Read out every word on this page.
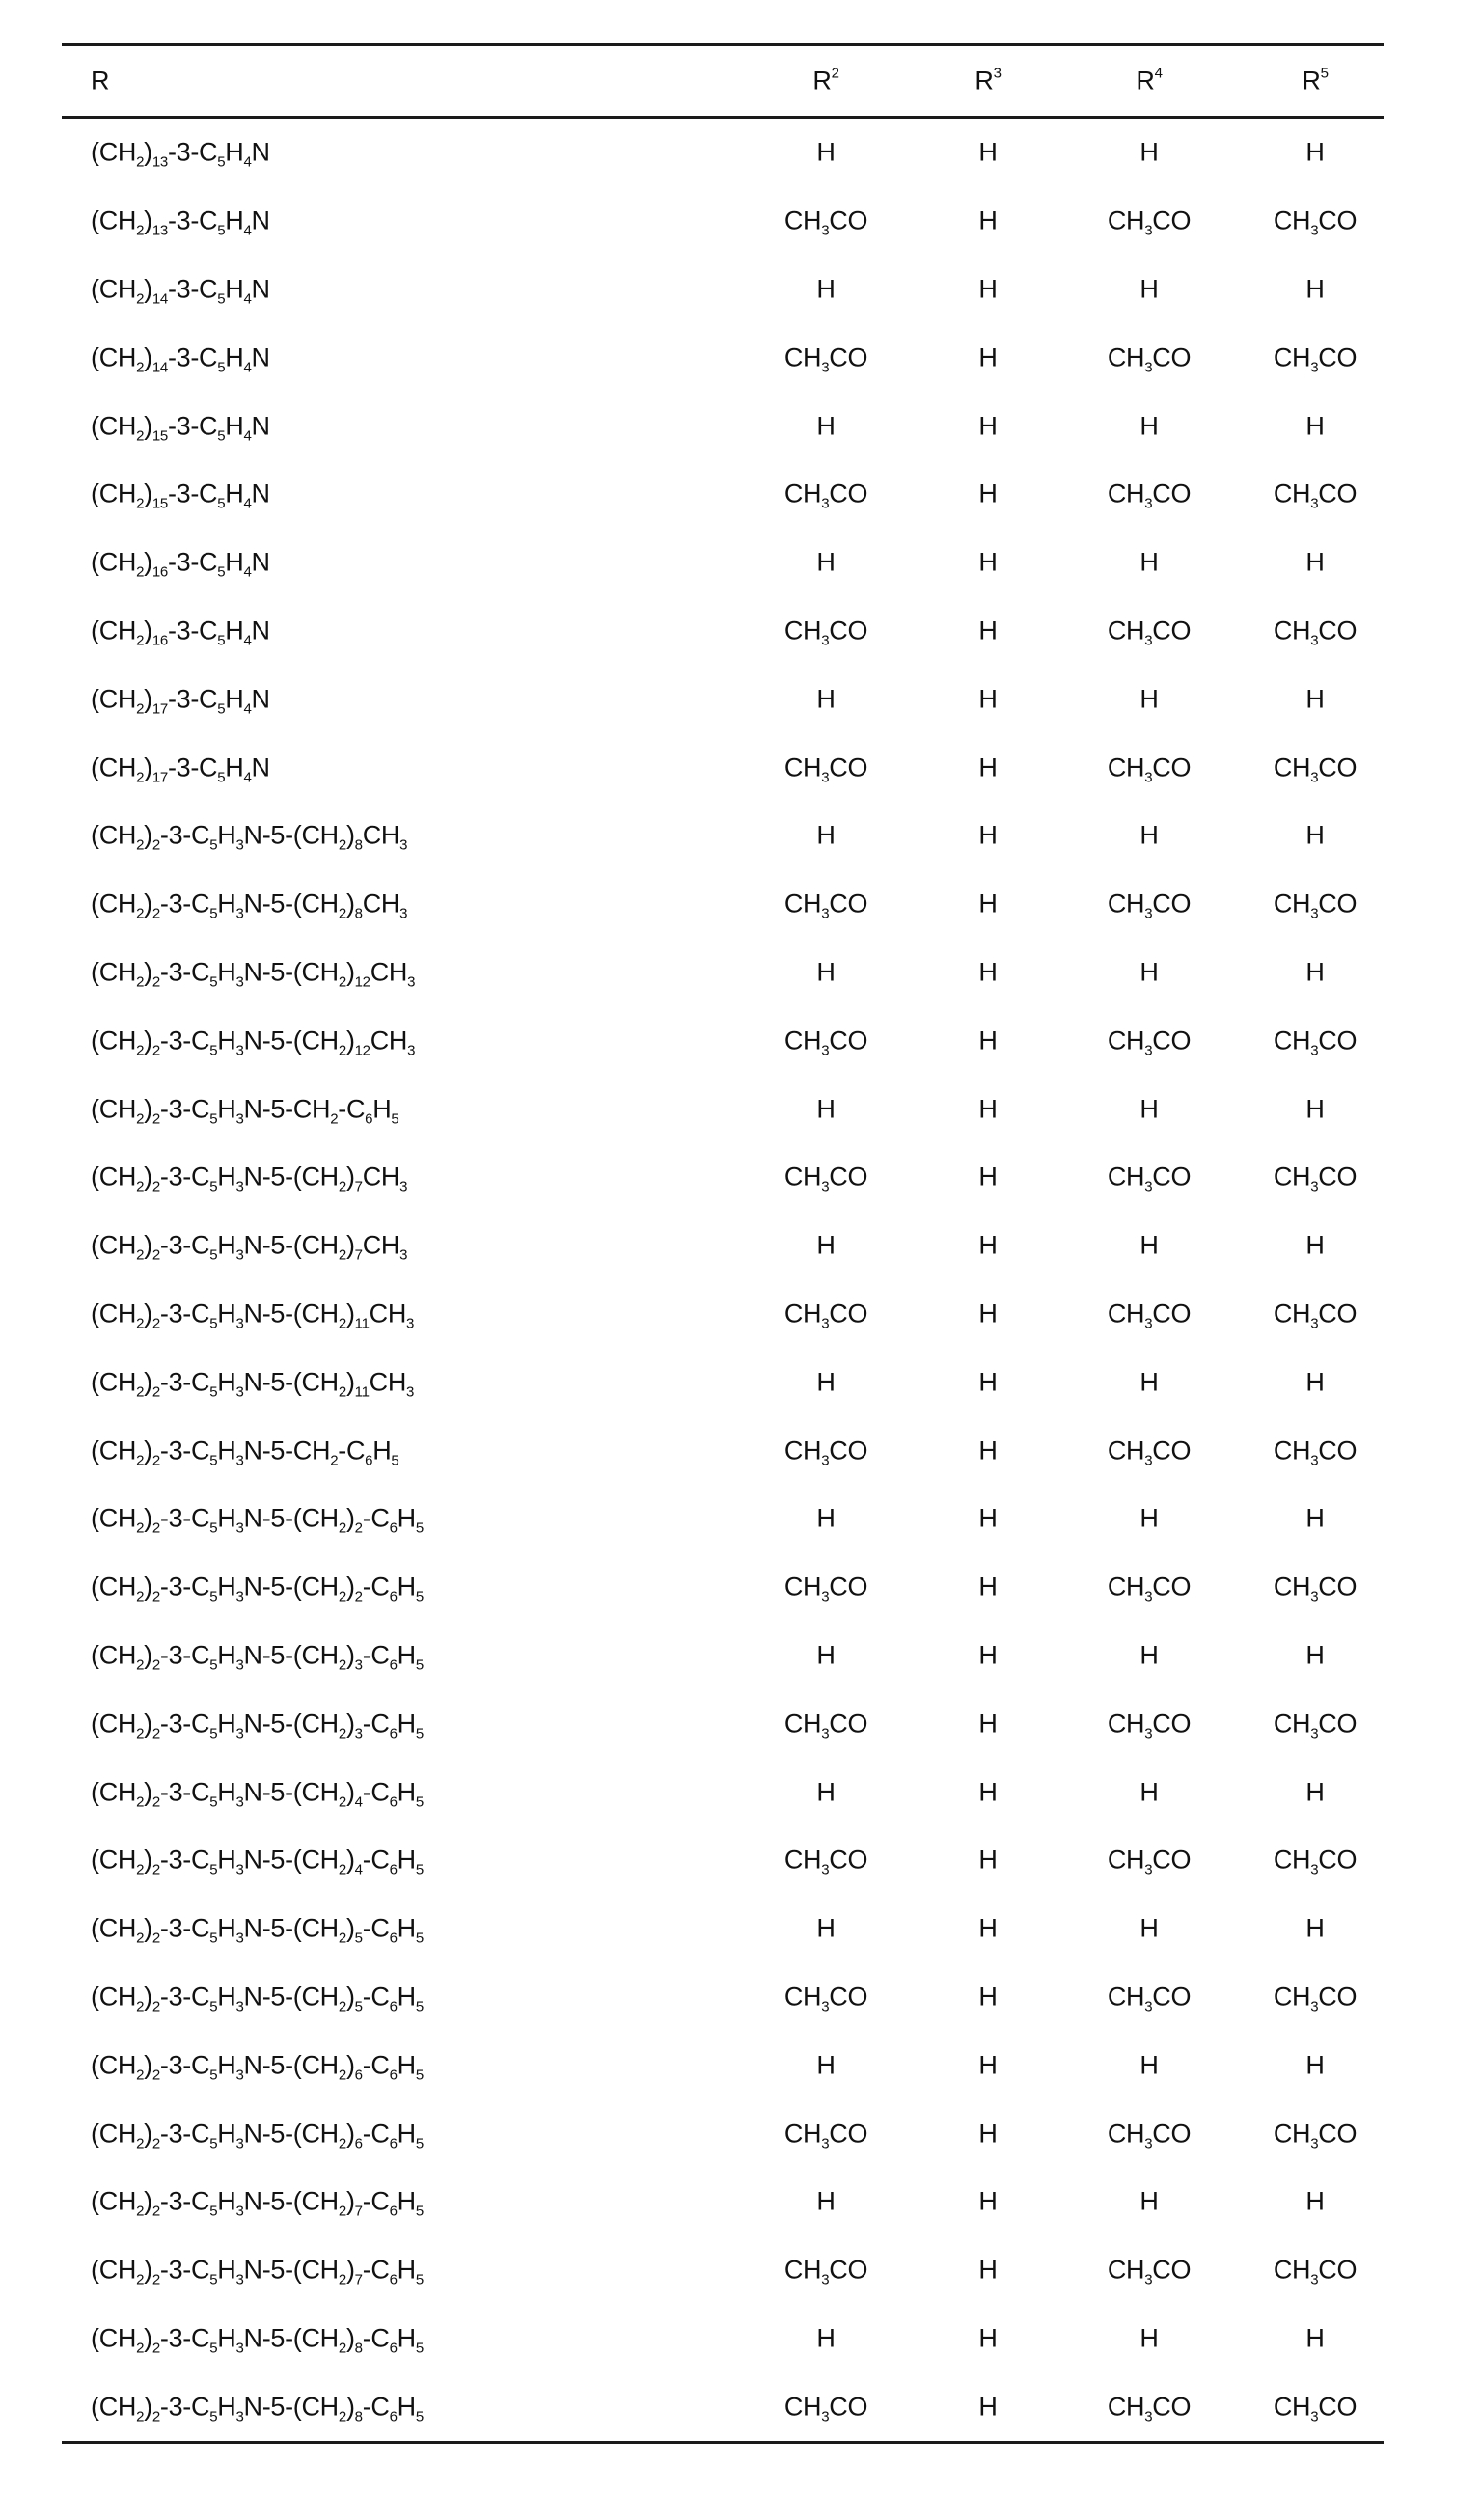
R	$R^2$	$R^3$	$R^4$	$R^5$
$(CH_2)_{13}-3-C_5H_4N$	H	H	H	H
$(CH_2)_{13}-3-C_5H_4N$	$CH_3CO$	H	$CH_3CO$	$CH_3CO$
$(CH_2)_{14}-3-C_5H_4N$	H	H	H	H
$(CH_2)_{14}-3-C_5H_4N$	$CH_3CO$	H	$CH_3CO$	$CH_3CO$
$(CH_2)_{15}-3-C_5H_4N$	H	H	H	H
$(CH_2)_{15}-3-C_5H_4N$	$CH_3CO$	H	$CH_3CO$	$CH_3CO$
$(CH_2)_{16}-3-C_5H_4N$	H	H	H	H
$(CH_2)_{16}-3-C_5H_4N$	$CH_3CO$	H	$CH_3CO$	$CH_3CO$
$(CH_2)_{17}-3-C_5H_4N$	H	H	H	H
$(CH_2)_{17}-3-C_5H_4N$	$CH_3CO$	H	$CH_3CO$	$CH_3CO$
$(CH_2)_2-3-C_5H_3N-5-(CH_2)_8CH_3$	H	H	H	H
$(CH_2)_2-3-C_5H_3N-5-(CH_2)_8CH_3$	$CH_3CO$	H	$CH_3CO$	$CH_3CO$
$(CH_2)_2-3-C_5H_3N-5-(CH_2)_{12}CH_3$	H	H	H	H
$(CH_2)_2-3-C_5H_3N-5-(CH_2)_{12}CH_3$	$CH_3CO$	H	$CH_3CO$	$CH_3CO$
$(CH_2)_2-3-C_5H_3N-5-CH_2-C_6H_5$	H	H	H	H
$(CH_2)_2-3-C_5H_3N-5-(CH_2)_7CH_3$	$CH_3CO$	H	$CH_3CO$	$CH_3CO$
$(CH_2)_2-3-C_5H_3N-5-(CH_2)_7CH_3$	H	H	H	H
$(CH_2)_2-3-C_5H_3N-5-(CH_2)_{11}CH_3$	$CH_3CO$	H	$CH_3CO$	$CH_3CO$
$(CH_2)_2-3-C_5H_3N-5-(CH_2)_{11}CH_3$	H	H	H	H
$(CH_2)_2-3-C_5H_3N-5-CH_2-C_6H_5$	$CH_3CO$	H	$CH_3CO$	$CH_3CO$
$(CH_2)_2-3-C_5H_3N-5-(CH_2)_2-C_6H_5$	H	H	H	H
$(CH_2)_2-3-C_5H_3N-5-(CH_2)_2-C_6H_5$	$CH_3CO$	H	$CH_3CO$	$CH_3CO$
$(CH_2)_2-3-C_5H_3N-5-(CH_2)_3-C_6H_5$	H	H	H	H
$(CH_2)_2-3-C_5H_3N-5-(CH_2)_3-C_6H_5$	$CH_3CO$	H	$CH_3CO$	$CH_3CO$
$(CH_2)_2-3-C_5H_3N-5-(CH_2)_4-C_6H_5$	H	H	H	H
$(CH_2)_2-3-C_5H_3N-5-(CH_2)_4-C_6H_5$	$CH_3CO$	H	$CH_3CO$	$CH_3CO$
$(CH_2)_2-3-C_5H_3N-5-(CH_2)_5-C_6H_5$	H	H	H	H
$(CH_2)_2-3-C_5H_3N-5-(CH_2)_5-C_6H_5$	$CH_3CO$	H	$CH_3CO$	$CH_3CO$
$(CH_2)_2-3-C_5H_3N-5-(CH_2)_6-C_6H_5$	H	H	H	H
$(CH_2)_2-3-C_5H_3N-5-(CH_2)_6-C_6H_5$	$CH_3CO$	H	$CH_3CO$	$CH_3CO$
$(CH_2)_2-3-C_5H_3N-5-(CH_2)_7-C_6H_5$	H	H	H	H
$(CH_2)_2-3-C_5H_3N-5-(CH_2)_7-C_6H_5$	$CH_3CO$	H	$CH_3CO$	$CH_3CO$
$(CH_2)_2-3-C_5H_3N-5-(CH_2)_8-C_6H_5$	H	H	H	H
$(CH_2)_2-3-C_5H_3N-5-(CH_2)_8-C_6H_5$	$CH_3CO$	H	$CH_3CO$	$CH_3CO$
